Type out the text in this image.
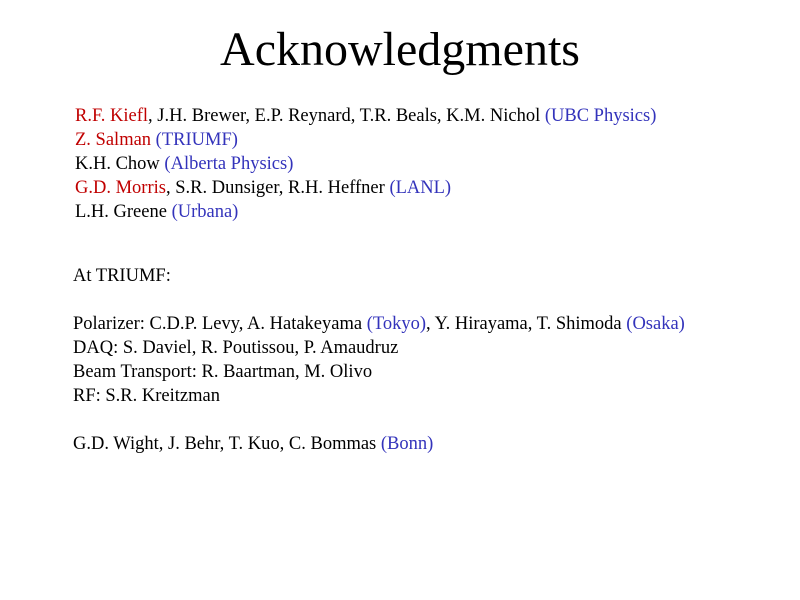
Acknowledgments
R.F. Kiefl, J.H. Brewer, E.P. Reynard, T.R. Beals, K.M. Nichol (UBC Physics)
Z. Salman (TRIUMF)
K.H. Chow (Alberta Physics)
G.D. Morris, S.R. Dunsiger, R.H. Heffner (LANL)
L.H. Greene (Urbana)
At TRIUMF:
Polarizer: C.D.P. Levy, A. Hatakeyama (Tokyo), Y. Hirayama, T. Shimoda (Osaka)
DAQ: S. Daviel, R. Poutissou, P. Amaudruz
Beam Transport: R. Baartman, M. Olivo
RF: S.R. Kreitzman
G.D. Wight, J. Behr, T. Kuo, C. Bommas (Bonn)
